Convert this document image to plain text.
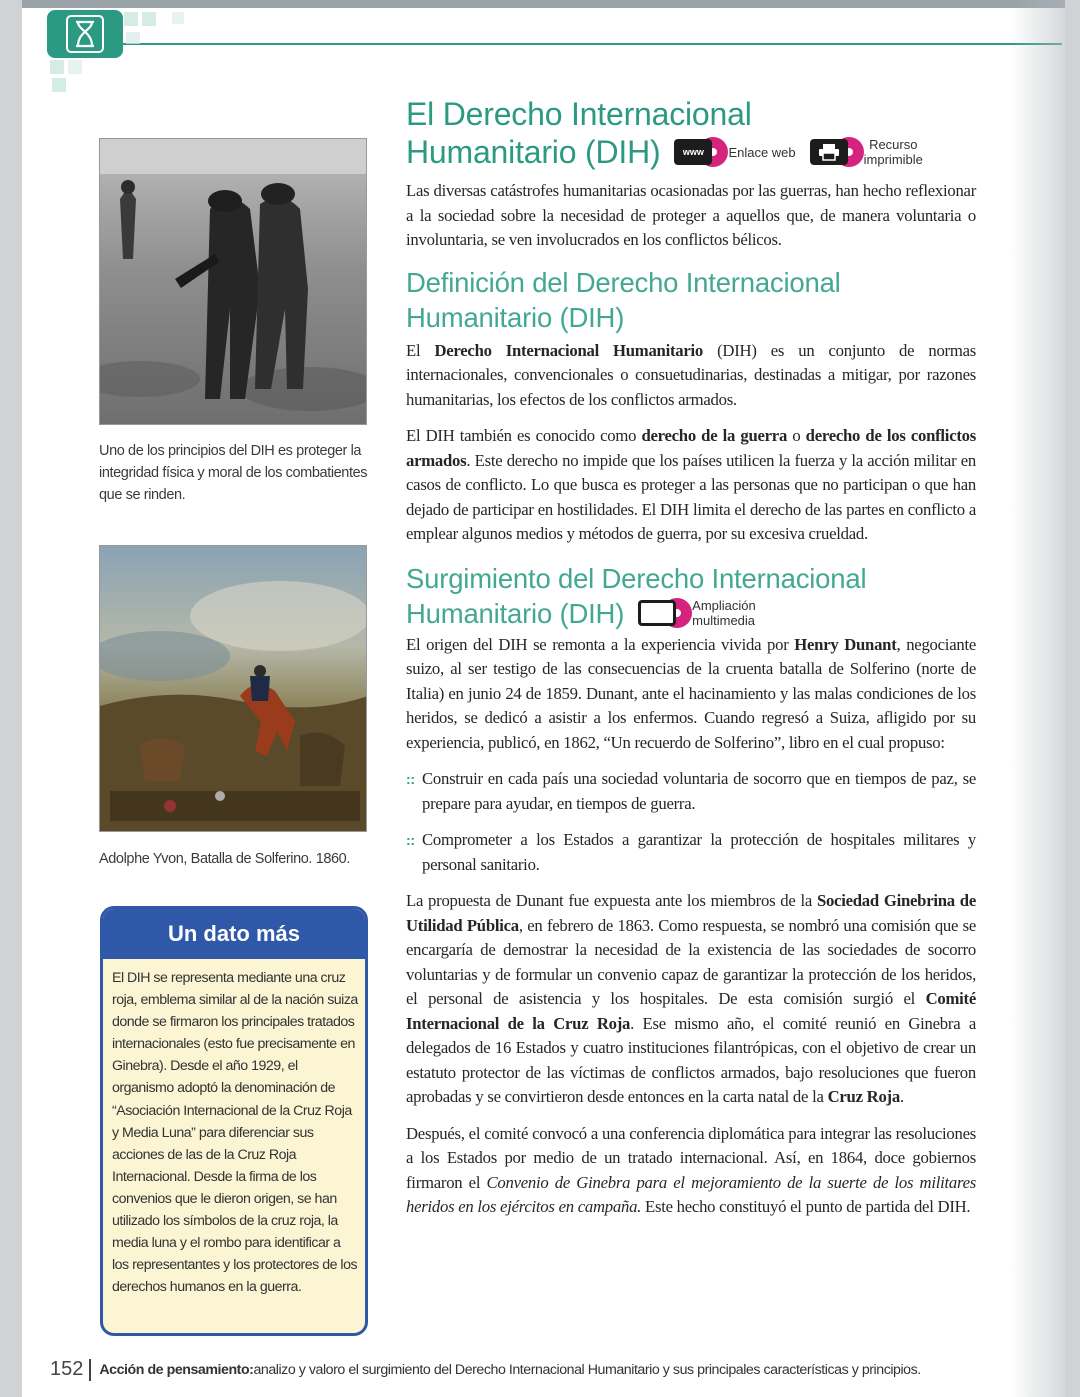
Uno de los principios del DIH es proteger la integridad física y moral de los combatientes que se rinden.
Adolphe Yvon, Batalla de Solferino. 1860.
Un dato más
El DIH se representa mediante una cruz roja, emblema similar al de la nación suiza donde se firmaron los principales tratados internacionales (esto fue precisamente en Ginebra). Desde el año 1929, el organismo adoptó la denominación de “Asociación Internacional de la Cruz Roja y Media Luna” para diferenciar sus acciones de las de la Cruz Roja Internacional. Desde la firma de los convenios que le dieron origen, se han utilizado los símbolos de la cruz roja, la media luna y el rombo para identificar a los representantes y los protectores de los derechos humanos en la guerra.
El Derecho Internacional
Humanitario (DIH)	www	Enlace web	Recurso
imprimible

Las diversas catástrofes humanitarias ocasionadas por las guerras, han hecho reflexionar a la sociedad sobre la necesidad de proteger a aquellos que, de manera voluntaria o involuntaria, se ven involucrados en los conflictos bélicos.

Definición del Derecho Internacional
Humanitario (DIH)

El Derecho Internacional Humanitario (DIH) es un conjunto de normas internacionales, convencionales o consuetudinarias, destinadas a mitigar, por razones humanitarias, los efectos de los conflictos armados.

El DIH también es conocido como derecho de la guerra o derecho de los conflictos armados. Este derecho no impide que los países utilicen la fuerza y la acción militar en casos de conflicto. Lo que busca es proteger a las personas que no participan o que han dejado de participar en hostilidades. El DIH limita el derecho de las partes en conflicto a emplear algunos medios y métodos de guerra, por su excesiva crueldad.

Surgimiento del Derecho Internacional
Humanitario (DIH)	Ampliación
multimedia

El origen del DIH se remonta a la experiencia vivida por Henry Dunant, negociante suizo, al ser testigo de las consecuencias de la cruenta batalla de Solferino (norte de Italia) en junio 24 de 1859. Dunant, ante el hacinamiento y las malas condiciones de los heridos, se dedicó a asistir a los enfermos. Cuando regresó a Suiza, afligido por su experiencia, publicó, en 1862, “Un recuerdo de Solferino”, libro en el cual propuso:

:: Construir en cada país una sociedad voluntaria de socorro que en tiempos de paz, se prepare para ayudar, en tiempos de guerra.
:: Comprometer a los Estados a garantizar la protección de hospitales militares y personal sanitario.

La propuesta de Dunant fue expuesta ante los miembros de la Sociedad Ginebrina de Utilidad Pública, en febrero de 1863. Como respuesta, se nombró una comisión que se encargaría de demostrar la necesidad de la existencia de las sociedades de socorro voluntarias y de formular un convenio capaz de garantizar la protección de los heridos, el personal de asistencia y los hospitales. De esta comisión surgió el Comité Internacional de la Cruz Roja. Ese mismo año, el comité reunió en Ginebra a delegados de 16 Estados y cuatro instituciones filantrópicas, con el objetivo de crear un estatuto protector de las víctimas de conflictos armados, bajo resoluciones que fueron aprobadas y se convirtieron desde entonces en la carta natal de la Cruz Roja.

Después, el comité convocó a una conferencia diplomática para integrar las resoluciones a los Estados por medio de un tratado internacional. Así, en 1864, doce gobiernos firmaron el Convenio de Ginebra para el mejoramiento de la suerte de los militares heridos en los ejércitos en campaña. Este hecho constituyó el punto de partida del DIH.

152 Acción de pensamiento: analizo y valoro el surgimiento del Derecho Internacional Humanitario y sus principales características y principios.
